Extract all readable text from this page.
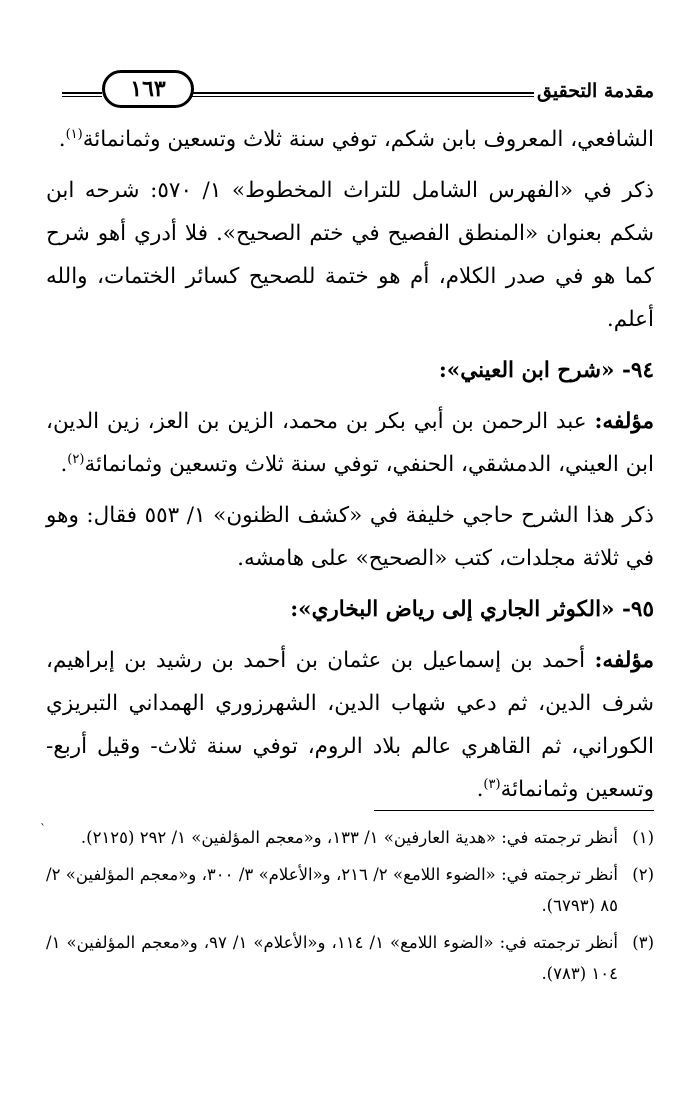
مقدمة التحقيق
١٦٣

الشافعي، المعروف بابن شكم، توفي سنة ثلاث وتسعين وثمانمائة$^{(١)}$.

ذكر في «الفهرس الشامل للتراث المخطوط» ١/ ٥٧٠: شرحه ابن شكم بعنوان «المنطق الفصيح في ختم الصحيح». فلا أدري أهو شرح كما هو في صدر الكلام، أم هو ختمة للصحيح كسائر الختمات، والله أعلم.

٩٤- «شرح ابن العيني»:

مؤلفه: عبد الرحمن بن أبي بكر بن محمد، الزين بن العز، زين الدين، ابن العيني، الدمشقي، الحنفي، توفي سنة ثلاث وتسعين وثمانمائة$^{(٢)}$.

ذكر هذا الشرح حاجي خليفة في «كشف الظنون» ١/ ٥٥٣ فقال: وهو في ثلاثة مجلدات، كتب «الصحيح» على هامشه.

٩٥- «الكوثر الجاري إلى رياض البخاري»:

مؤلفه: أحمد بن إسماعيل بن عثمان بن أحمد بن رشيد بن إبراهيم، شرف الدين، ثم دعي شهاب الدين، الشهرزوري الهمداني التبريزي الكوراني، ثم القاهري عالم بلاد الروم، توفي سنة ثلاث- وقيل أربع- وتسعين وثمانمائة$^{(٣)}$.

(١)
أنظر ترجمته في: «هدية العارفين» ١/ ١٣٣، و«معجم المؤلفين» ١/ ٢٩٢ (٢١٢٥).
(٢)
أنظر ترجمته في: «الضوء اللامع» ٢/ ٢١٦، و«الأعلام» ٣/ ٣٠٠، و«معجم المؤلفين» ٢/ ٨٥ (٦٧٩٣).
(٣)
أنظر ترجمته في: «الضوء اللامع» ١/ ١١٤، و«الأعلام» ١/ ٩٧، و«معجم المؤلفين» ١/ ١٠٤ (٧٨٣).
`
